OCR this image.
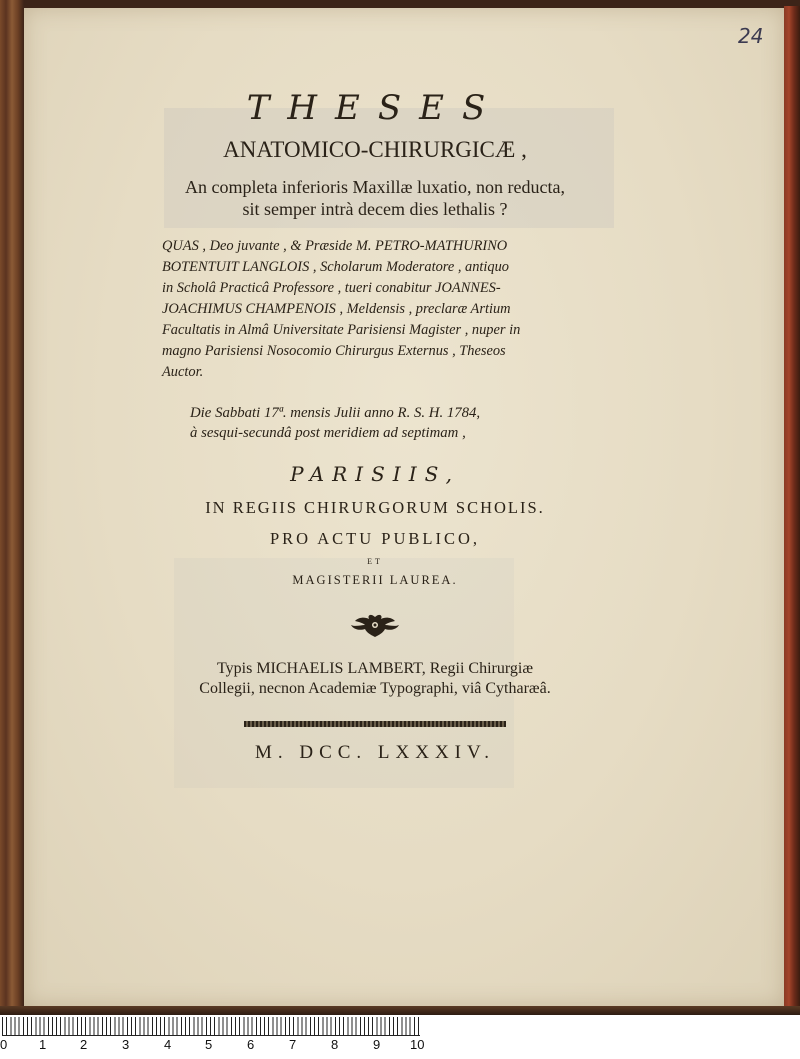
24
THESES
ANATOMICO-CHIRURGICÆ ,
An completa inferioris Maxillæ luxatio, non reducta,
sit semper intrà decem dies lethalis ?
QUAS , Deo juvante , & Præside M. PETRO-MATHURINO
BOTENTUIT LANGLOIS , Scholarum Moderatore , antiquo
in Scholâ Practicâ Professore , tueri conabitur JOANNES-
JOACHIMUS CHAMPENOIS , Meldensis , preclaræ Artium
Facultatis in Almâ Universitate Parisiensi Magister , nuper in
magno Parisiensi Nosocomio Chirurgus Externus , Theseos
Auctor.
Die Sabbati 17ª. mensis Julii anno R. S. H. 1784,
à sesqui-secundâ post meridiem ad septimam ,
PARISIIS,
IN REGIIS CHIRURGORUM SCHOLIS.
PRO ACTU PUBLICO,
ET
MAGISTERII LAUREA.
Typis MICHAELIS LAMBERT, Regii Chirurgiæ
Collegii, necnon Academiæ Typographi, viâ Cytharæâ.
M. DCC. LXXXIV.
0 1	2	3	4	5	6	7	8	9 10
